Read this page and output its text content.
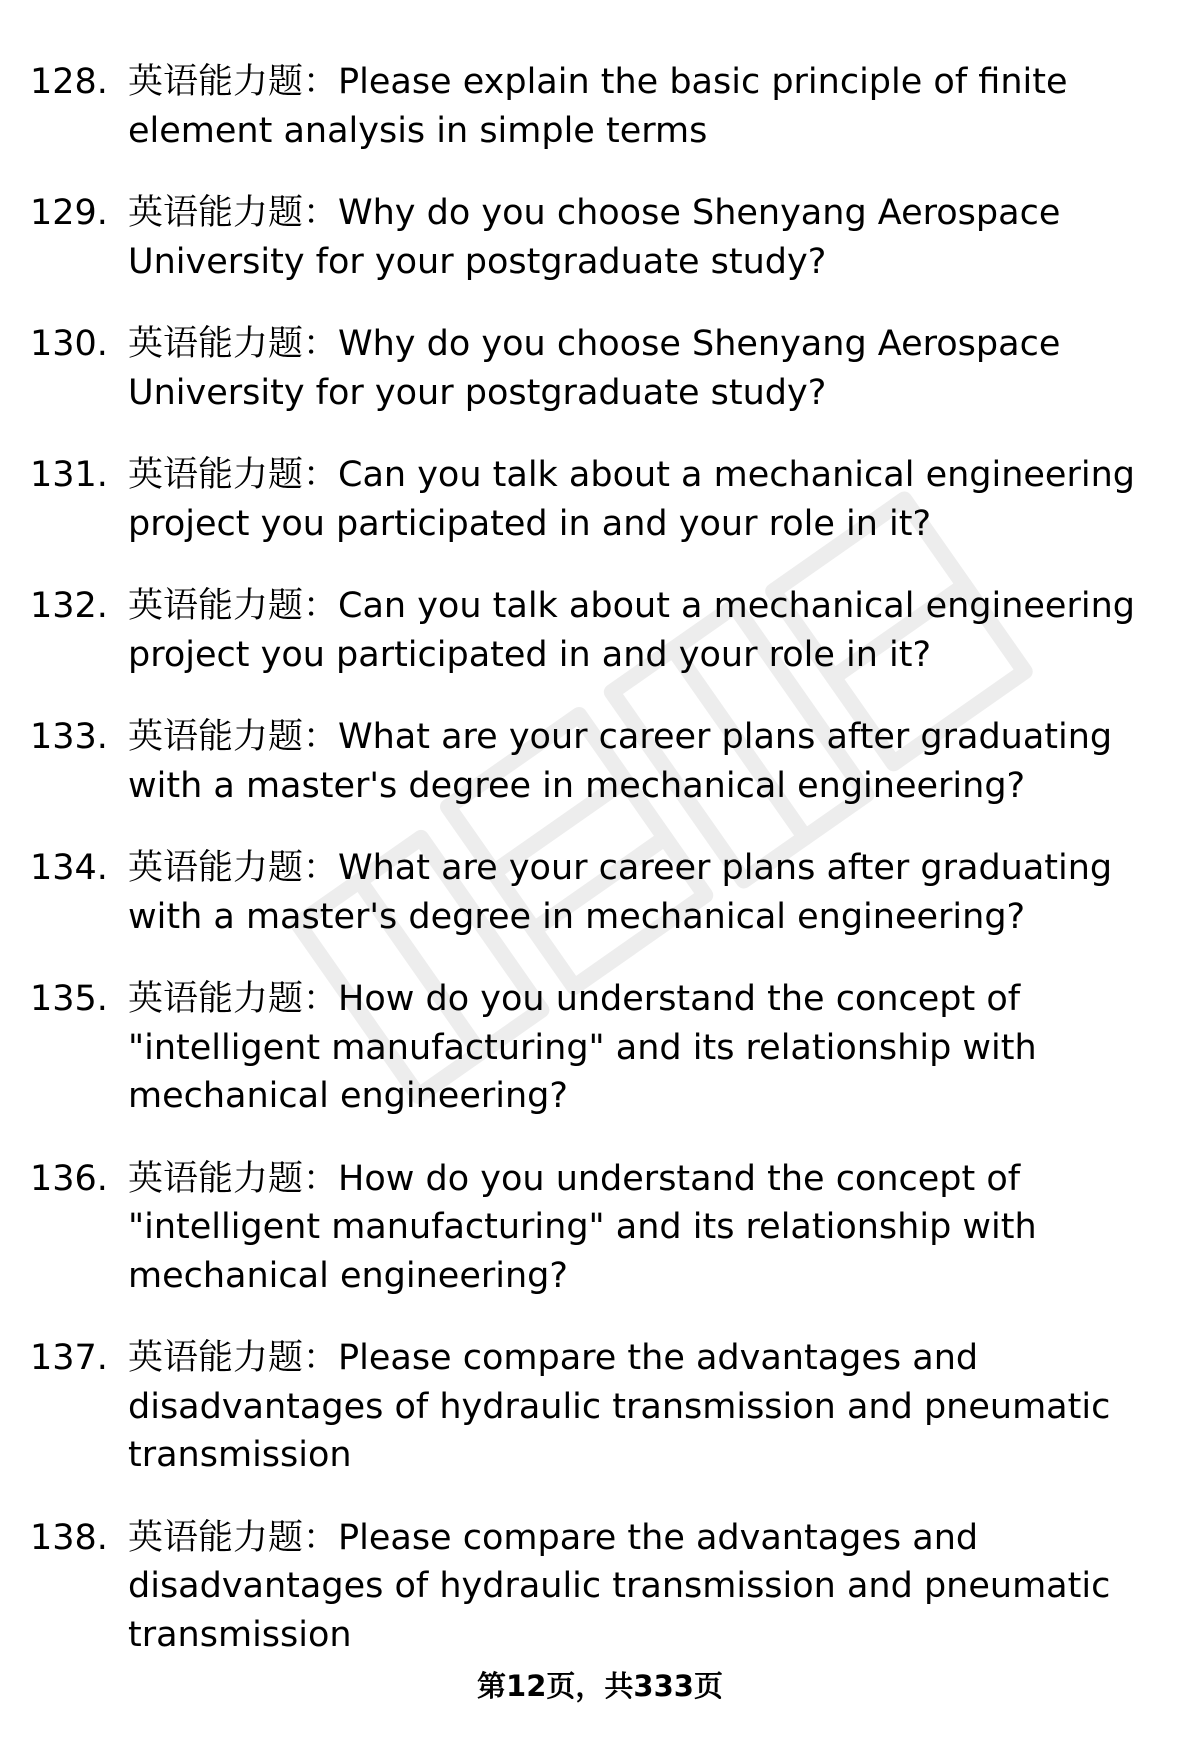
128. 英语能力题：Please explain the basic principle of finite element analysis in simple terms
129. 英语能力题：Why do you choose Shenyang Aerospace University for your postgraduate study?
130. 英语能力题：Why do you choose Shenyang Aerospace University for your postgraduate study?
131. 英语能力题：Can you talk about a mechanical engineering project you participated in and your role in it?
132. 英语能力题：Can you talk about a mechanical engineering project you participated in and your role in it?
133. 英语能力题：What are your career plans after graduating with a master's degree in mechanical engineering?
134. 英语能力题：What are your career plans after graduating with a master's degree in mechanical engineering?
135. 英语能力题：How do you understand the concept of "intelligent manufacturing" and its relationship with mechanical engineering?
136. 英语能力题：How do you understand the concept of "intelligent manufacturing" and its relationship with mechanical engineering?
137. 英语能力题：Please compare the advantages and disadvantages of hydraulic transmission and pneumatic transmission
138. 英语能力题：Please compare the advantages and disadvantages of hydraulic transmission and pneumatic transmission
第12页，共333页
